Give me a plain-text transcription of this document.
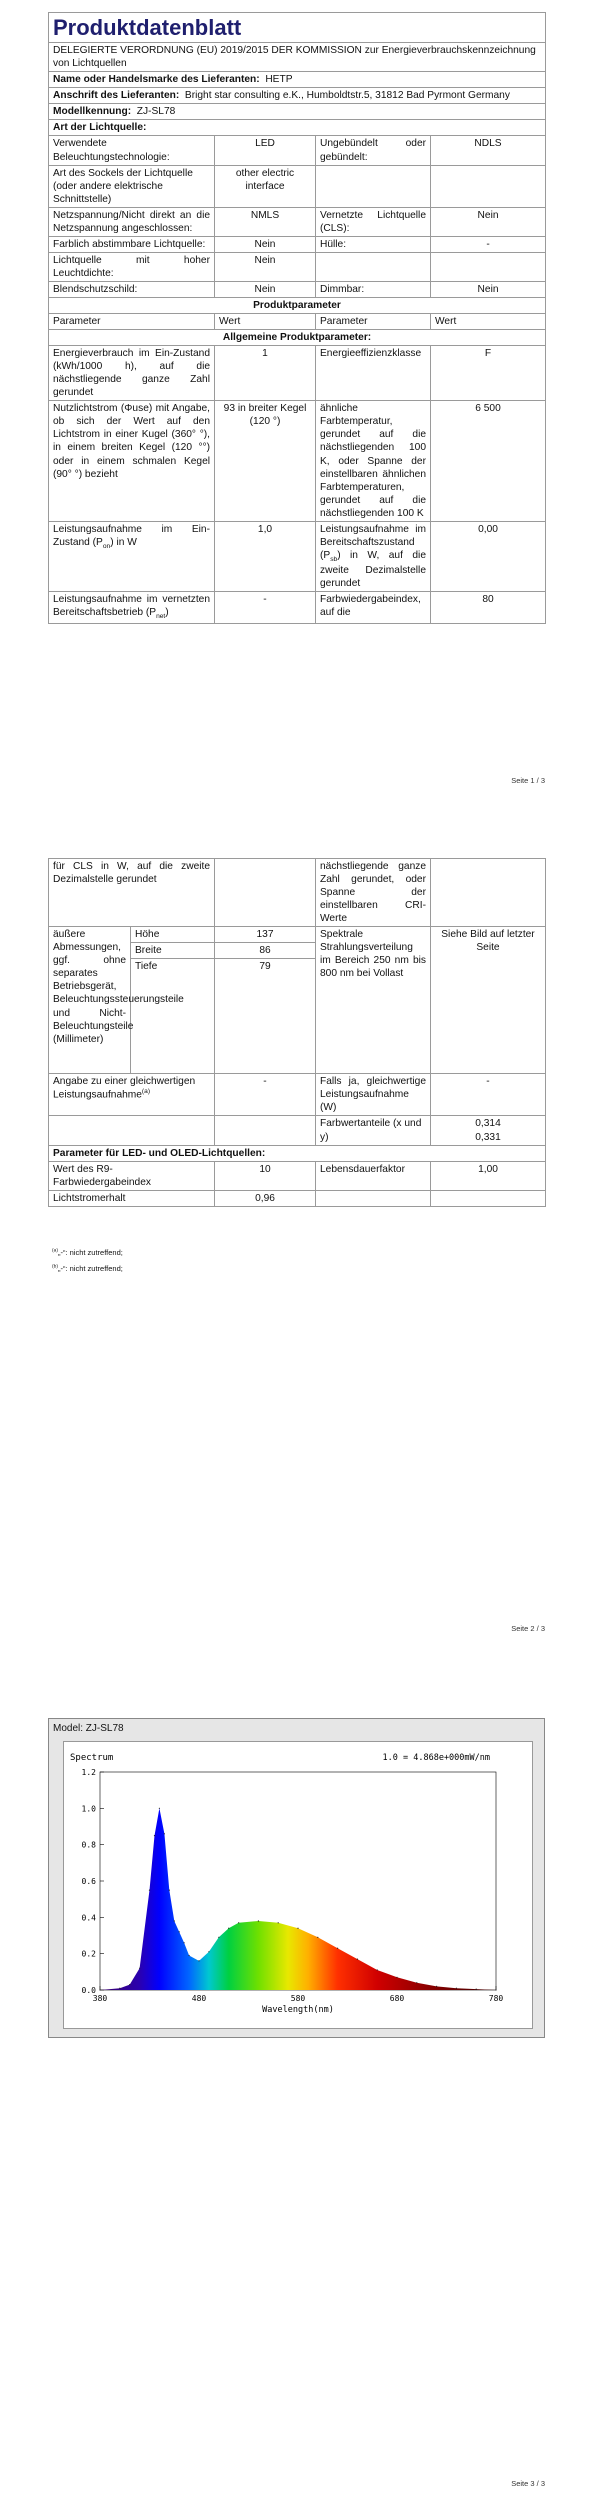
Produktdatenblatt			
DELEGIERTE VERORDNUNG (EU) 2019/2015 DER KOMMISSION zur Energieverbrauchskennzeichnung von Lichtquellen			
Name oder Handelsmarke des Lieferanten: HETP			
Anschrift des Lieferanten: Bright star consulting e.K., Humboldtstr.5, 31812 Bad Pyrmont Germany			
Modellkennung: ZJ-SL78			
Art der Lichtquelle:			
Verwendete Beleuchtungstechnologie:	LED	Ungebündelt oder gebündelt:	NDLS
Art des Sockels der Lichtquelle (oder andere elektrische Schnittstelle)	other electric interface		
Netzspannung/Nicht direkt an die Netzspannung angeschlossen:	NMLS	Vernetzte Lichtquelle (CLS):	Nein
Farblich abstimmbare Lichtquelle:	Nein	Hülle:	-
Lichtquelle mit hoher Leuchtdichte:	Nein		
Blendschutzschild:	Nein	Dimmbar:	Nein
Produktparameter			
Parameter	Wert	Parameter	Wert
Allgemeine Produktparameter:			
Energieverbrauch im Ein-Zustand (kWh/1000 h), auf die nächstliegende ganze Zahl gerundet	1	Energieeffizienzklasse	F
Nutzlichtstrom (Φuse) mit Angabe, ob sich der Wert auf den Lichtstrom in einer Kugel (360° °), in einem breiten Kegel (120 °°) oder in einem schmalen Kegel (90° °) bezieht	93 in breiter Kegel (120 °)	ähnliche Farbtemperatur, gerundet auf die nächstliegenden 100 K, oder Spanne der einstellbaren ähnlichen Farbtemperaturen, gerundet auf die nächstliegenden 100 K	6 500
Leistungsaufnahme im Ein-Zustand $(P_{on})$ in W	1,0	Leistungsaufnahme im Bereitschaftszustand $(P_{sb})$ in W, auf die zweite Dezimalstelle gerundet	0,00
Leistungsaufnahme im vernetzten Bereitschaftsbetrieb $(P_{net})$	-	Farbwiedergabeindex, auf die	80
Seite 1 / 3
für CLS in W, auf die zweite Dezimalstelle gerundet			nächstliegende ganze Zahl gerundet, oder Spanne der einstellbaren CRI-Werte	
äußere Abmessungen, ggf. ohne separates Betriebsgerät, Beleuchtungssteuerungsteile und Nicht-Beleuchtungsteile (Millimeter)	Höhe	137	Spektrale Strahlungsverteilung im Bereich 250 nm bis 800 nm bei Vollast	Siehe Bild auf letzter Seite
	Breite	86		
	Tiefe	79		
Angabe zu einer gleichwertigen Leistungsaufnahme$^{(a)}$		-	Falls ja, gleichwertige Leistungsaufnahme (W)	-
			Farbwertanteile (x und y)	0,314
0,331
Parameter für LED- und OLED-Lichtquellen:				
Wert des R9-Farbwiedergabeindex		10	Lebensdauerfaktor	1,00
Lichtstromerhalt		0,96		
$^{(a)}$„-“: nicht zutreffend;
$^{(b)}$„-“: nicht zutreffend;
Seite 2 / 3
Model: ZJ-SL78
Spectrum	1.0 = 4.868e+000mW/nm
Wavelength(nm)
0.0
0.2
0.4
0.6
0.8
1.0
1.2
380	480	580	680	780
Seite 3 / 3
